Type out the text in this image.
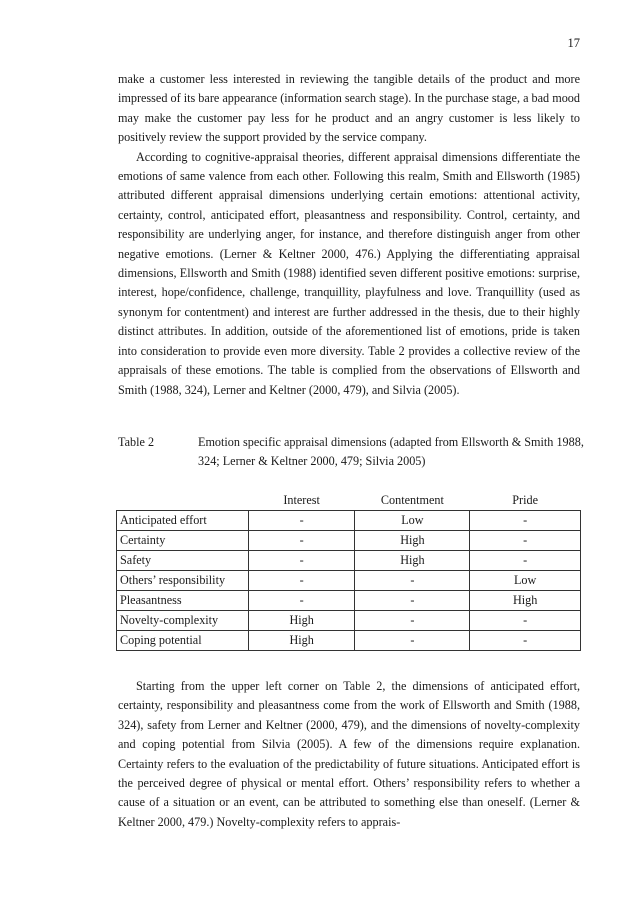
17

make a customer less interested in reviewing the tangible details of the product and more impressed of its bare appearance (information search stage). In the purchase stage, a bad mood may make the customer pay less for he product and an angry customer is less likely to positively review the support provided by the service company.

According to cognitive-appraisal theories, different appraisal dimensions differentiate the emotions of same valence from each other. Following this realm, Smith and Ellsworth (1985) attributed different appraisal dimensions underlying certain emotions: attentional activity, certainty, control, anticipated effort, pleasantness and responsibility. Control, certainty, and responsibility are underlying anger, for instance, and therefore distinguish anger from other negative emotions. (Lerner & Keltner 2000, 476.) Applying the differentiating appraisal dimensions, Ellsworth and Smith (1988) identified seven different positive emotions: surprise, interest, hope/confidence, challenge, tranquillity, playfulness and love. Tranquillity (used as synonym for contentment) and interest are further addressed in the thesis, due to their highly distinct attributes. In addition, outside of the aforementioned list of emotions, pride is taken into consideration to provide even more diversity. Table 2 provides a collective review of the appraisals of these emotions. The table is complied from the observations of Ellsworth and Smith (1988, 324), Lerner and Keltner (2000, 479), and Silvia (2005).

Table 2	Emotion specific appraisal dimensions (adapted from Ellsworth & Smith 1988, 324; Lerner & Keltner 2000, 479; Silvia 2005)
	Interest	Contentment	Pride
Anticipated effort	-	Low	-
Certainty	-	High	-
Safety	-	High	-
Others’ responsibility	-	-	Low
Pleasantness	-	-	High
Novelty-complexity	High	-	-
Coping potential	High	-	-

Starting from the upper left corner on Table 2, the dimensions of anticipated effort, certainty, responsibility and pleasantness come from the work of Ellsworth and Smith (1988, 324), safety from Lerner and Keltner (2000, 479), and the dimensions of novelty-complexity and coping potential from Silvia (2005). A few of the dimensions require explanation. Certainty refers to the evaluation of the predictability of future situations. Anticipated effort is the perceived degree of physical or mental effort. Others’ responsibility refers to whether a cause of a situation or an event, can be attributed to something else than oneself. (Lerner & Keltner 2000, 479.) Novelty-complexity refers to apprais-
